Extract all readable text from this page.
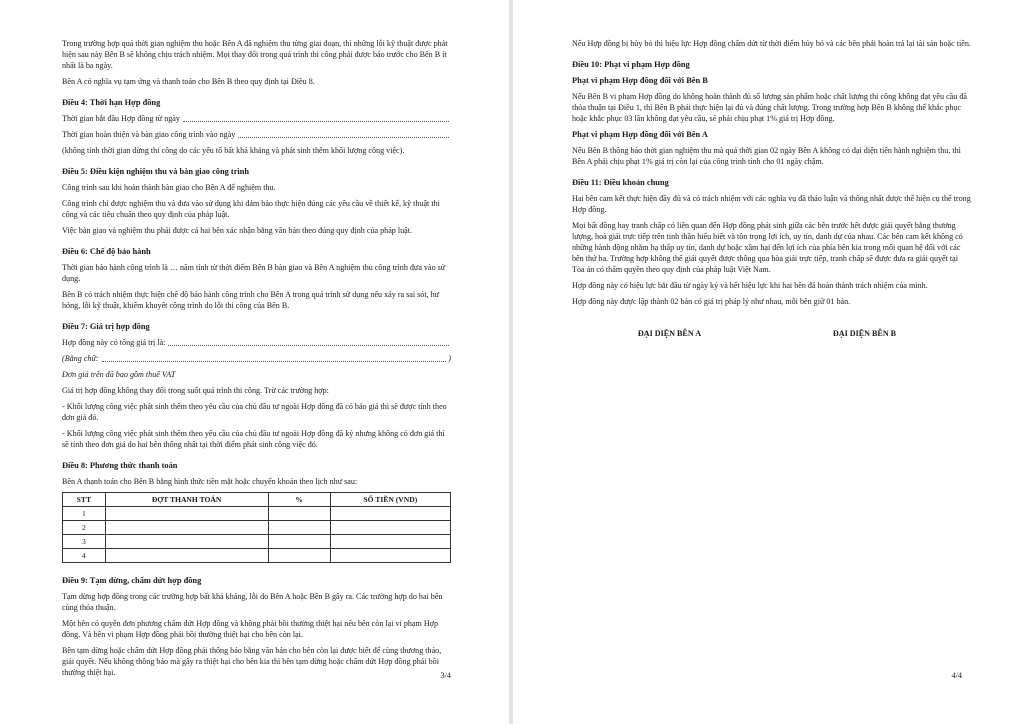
Trong trường hợp quá thời gian nghiệm thu hoặc Bên A đã nghiệm thu từng giai đoạn, thì những lỗi kỹ thuật được phát hiện sau này Bên B sẽ không chịu trách nhiệm. Mọi thay đổi trong quá trình thi công phải được báo trước cho Bên B ít nhất là ba ngày.

Bên A có nghĩa vụ tạm ứng và thanh toán cho Bên B theo quy định tại Điều 8.

Điều 4: Thời hạn Hợp đồng
Thời gian bắt đầu Hợp đồng từ ngày
Thời gian hoàn thiện và bàn giao công trình vào ngày

(không tính thời gian dừng thi công do các yếu tố bất khả kháng và phát sinh thêm khối lượng công việc).

Điều 5: Điều kiện nghiệm thu và bàn giao công trình

Công trình sau khi hoàn thành bàn giao cho Bên A để nghiệm thu.

Công trình chỉ được nghiệm thu và đưa vào sử dụng khi đảm bảo thực hiện đúng các yêu cầu về thiết kế, kỹ thuật thi công và các tiêu chuẩn theo quy định của pháp luật.

Việc bàn giao và nghiệm thu phải được cả hai bên xác nhận bằng văn bản theo đúng quy định của pháp luật.

Điều 6: Chế độ bảo hành

Thời gian bảo hành công trình là … năm tính từ thời điểm Bên B bàn giao và Bên A nghiệm thu công trình đưa vào sử dụng.

Bên B có trách nhiệm thực hiện chế độ bảo hành công trình cho Bên A trong quá trình sử dụng nếu xảy ra sai sót, hư hỏng, lỗi kỹ thuật, khiếm khuyết công trình do lỗi thi công của Bên B.

Điều 7: Giá trị hợp đồng
Hợp đồng này có tổng giá trị là:
(Bằng chữ:	)

Đơn giá trên đã bao gồm thuế VAT

Giá trị hợp đồng không thay đổi trong suốt quá trình thi công. Trừ các trường hợp:

- Khối lượng công việc phát sinh thêm theo yêu cầu của chủ đầu tư ngoài Hợp đồng đã có báo giá thì sẽ được tính theo đơn giá đó.

- Khối lượng công việc phát sinh thêm theo yêu cầu của chủ đầu tư ngoài Hợp đồng đã ký nhưng không có đơn giá thì sẽ tính theo đơn giá do hai bên thống nhất tại thời điểm phát sinh công việc đó.

Điều 8: Phương thức thanh toán

Bên A thanh toán cho Bên B bằng hình thức tiền mặt hoặc chuyển khoản theo lịch như sau:

STT	ĐỢT THANH TOÁN	%	SỐ TIỀN (VND)
1			
2			
3			
4			
Điều 9: Tạm dừng, chấm dứt hợp đồng

Tạm dừng hợp đồng trong các trường hợp bất khả kháng, lỗi do Bên A hoặc Bên B gây ra. Các trường hợp do hai bên cùng thỏa thuận.

Một bên có quyền đơn phương chấm dứt Hợp đồng và không phải bồi thường thiệt hại nếu bên còn lại vi phạm Hợp đồng. Và bên vi phạm Hợp đồng phải bồi thường thiệt hại cho bên còn lại.

Bên tạm dừng hoặc chấm dứt Hợp đồng phải thông báo bằng văn bản cho bên còn lại được biết để cùng thương thảo, giải quyết. Nếu không thông báo mà gây ra thiệt hại cho bên kia thì bên tạm dừng hoặc chấm dứt Hợp đồng phải bồi thường thiệt hại.	3/4

Nếu Hợp đồng bị hủy bỏ thì hiệu lực Hợp đồng chấm dứt từ thời điểm hủy bỏ và các bên phải hoàn trả lại tài sản hoặc tiền.

Điều 10: Phạt vi phạm Hợp đồng
Phạt vi phạm Hợp đồng đối với Bên B

Nếu Bên B vi phạm Hợp đồng do không hoàn thành đủ số lượng sản phẩm hoặc chất lượng thi công không đạt yêu cầu đã thỏa thuận tại Điều 1, thì Bên B phải thực hiện lại đủ và đúng chất lượng. Trong trường hợp Bên B không thể khắc phục hoặc khắc phục 03 lần không đạt yêu cầu, sẽ phải chịu phạt 1% giá trị Hợp đồng.

Phạt vi phạm Hợp đồng đối với Bên A

Nếu Bên B thông báo thời gian nghiệm thu mà quá thời gian 02 ngày Bên A không có đại diện tiến hành nghiệm thu, thì Bên A phải chịu phạt 1% giá trị còn lại của công trình tính cho 01 ngày chậm.

Điều 11: Điều khoản chung

Hai bên cam kết thực hiện đầy đủ và có trách nhiệm với các nghĩa vụ đã thảo luận và thống nhất được thể hiện cụ thể trong Hợp đồng.

Mọi bất đồng hay tranh chấp có liên quan đến Hợp đồng phát sinh giữa các bên trước hết được giải quyết bằng thương lượng, hoà giải trực tiếp trên tinh thần hiểu biết và tôn trọng lợi ích, uy tín, danh dự của nhau. Các bên cam kết không có những hành động nhằm hạ thấp uy tín, danh dự hoặc xâm hại đến lợi ích của phía bên kia trong mối quan hệ đối với các bên thứ ba. Trường hợp không thể giải quyết được thông qua hòa giải trực tiếp, tranh chấp sẽ được đưa ra giải quyết tại Tòa án có thẩm quyền theo quy định của pháp luật Việt Nam.

Hợp đồng này có hiệu lực bắt đầu từ ngày ký và hết hiệu lực khi hai bên đã hoàn thành trách nhiệm của mình.

Hợp đồng này được lập thành 02 bản có giá trị pháp lý như nhau, mỗi bên giữ 01 bản.

ĐẠI DIỆN BÊN A	ĐẠI DIỆN BÊN B
4/4
